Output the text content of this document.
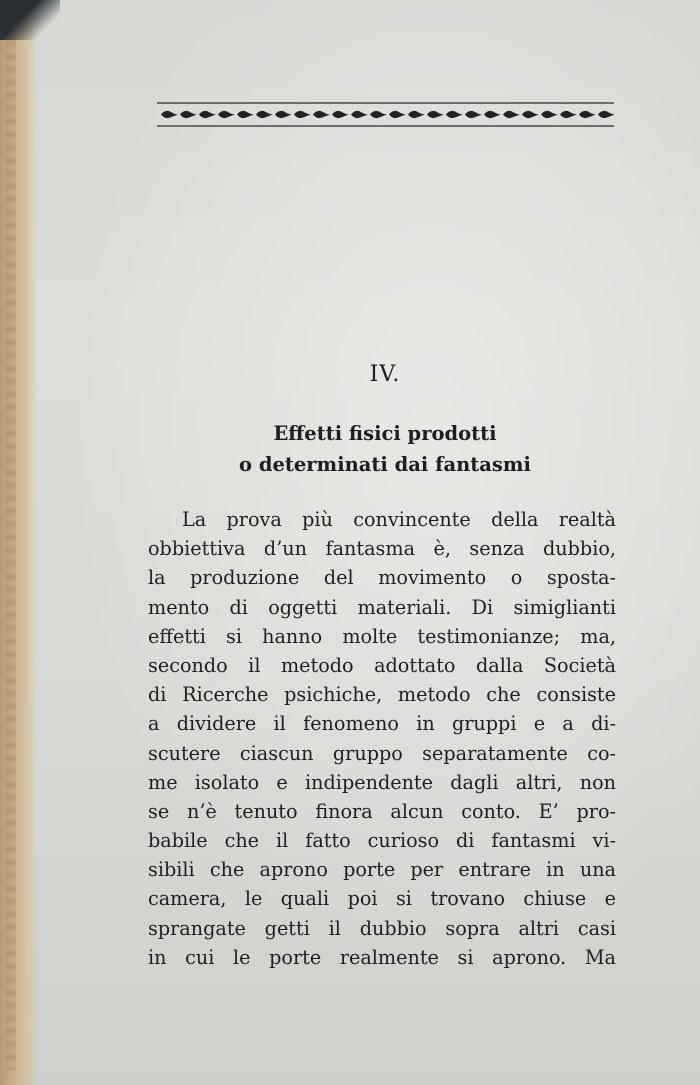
IV.
Effetti fisici prodotti
o determinati dai fantasmi
La prova più convincente della realtà
obbiettiva d’un fantasma è, senza dubbio,
la produzione del movimento o sposta-
mento di oggetti materiali. Di simiglianti
effetti si hanno molte testimonianze; ma,
secondo il metodo adottato dalla Società
di Ricerche psichiche, metodo che consiste
a dividere il fenomeno in gruppi e a di-
scutere ciascun gruppo separatamente co-
me isolato e indipendente dagli altri, non
se n’è tenuto finora alcun conto. E’ pro-
babile che il fatto curioso di fantasmi vi-
sibili che aprono porte per entrare in una
camera, le quali poi si trovano chiuse e
sprangate getti il dubbio sopra altri casi
in cui le porte realmente si aprono. Ma
